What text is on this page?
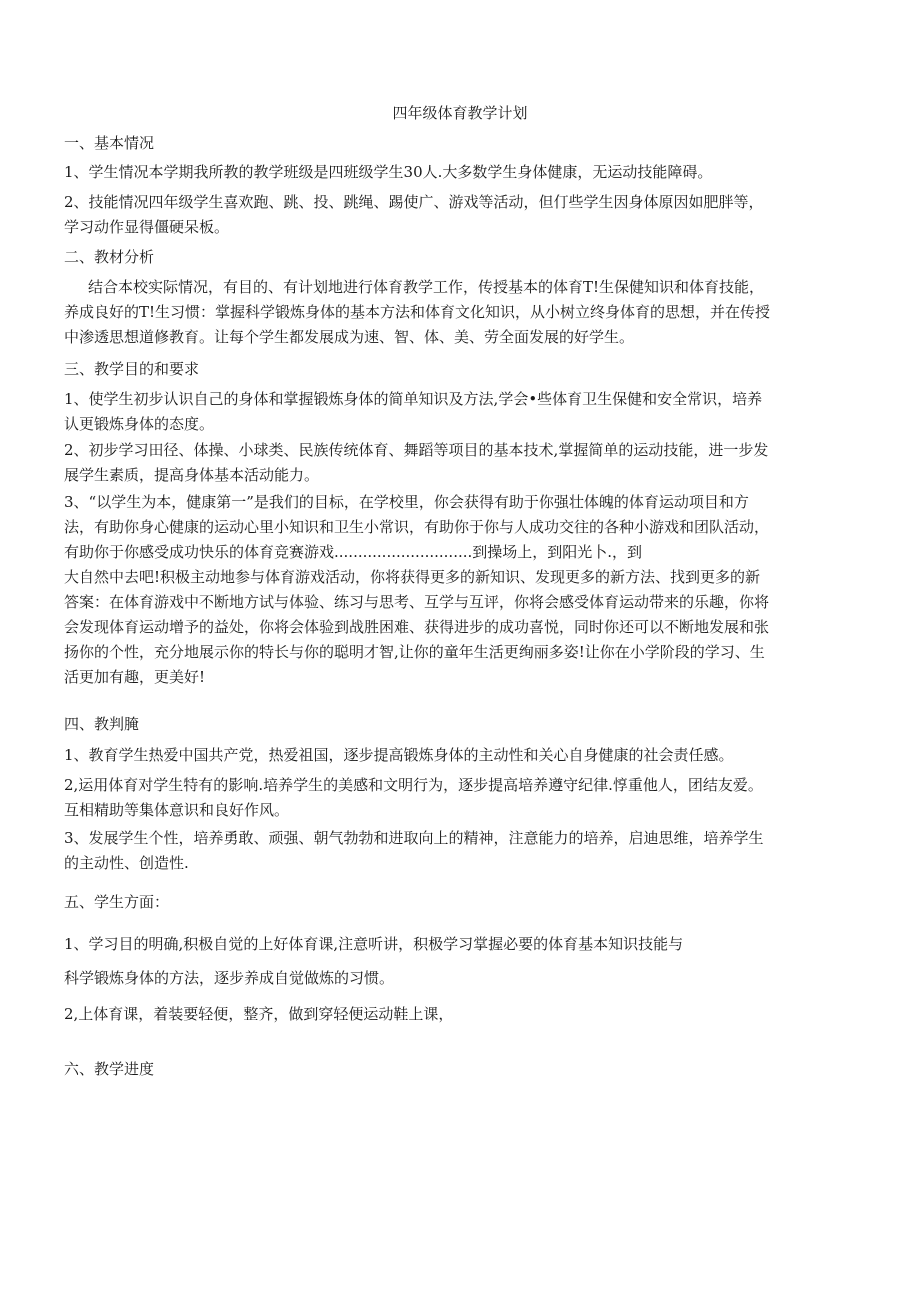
四年级体育教学计划
一、基本情况
1、学生情况本学期我所教的教学班级是四班级学生30人.大多数学生身体健康，无运动技能障碍。
2、技能情况四年级学生喜欢跑、跳、投、跳绳、踢使广、游戏等活动，但仃些学生因身体原因如肥胖等，
学习动作显得僵硬呆板。
二、教材分析
结合本校实际情况，有目的、有计划地进行体育教学工作，传授基本的体育T!生保健知识和体育技能，
养成良好的T!生习惯：掌握科学锻炼身体的基本方法和体育文化知识，从小树立终身体育的思想，并在传授
中渗透思想道修教育。让每个学生都发展成为速、智、体、美、劳全面发展的好学生。
三、教学目的和要求
1、使学生初步认识自己的身体和掌握锻炼身体的简单知识及方法,学会•些体育卫生保健和安全常识，培养
认更锻炼身体的态度。
2、初步学习田径、体操、小球类、民族传统体育、舞蹈等项目的基本技术,掌握简单的运动技能，进一步发
展学生素质，提高身体基本活动能力。
3、“以学生为本，健康第一”是我们的目标，在学校里，你会获得有助于你强壮体魄的体育运动项目和方
法，有助你身心健康的运动心里小知识和卫生小常识，有助你于你与人成功交往的各种小游戏和团队活动，
有助你于你感受成功快乐的体育竞赛游戏.............................到操场上，到阳光卜.，到
大自然中去吧!积极主动地参与体育游戏活动，你将获得更多的新知识、发现更多的新方法、找到更多的新
答案：在体育游戏中不断地方试与体验、练习与思考、互学与互评，你将会感受体育运动带来的乐趣，你将
会发现体育运动增予的益处，你将会体验到战胜困难、获得进步的成功喜悦，同时你还可以不断地发展和张
扬你的个性，充分地展示你的特长与你的聪明才智,让你的童年生活更绚丽多姿!让你在小学阶段的学习、生
活更加有趣，更美好!
四、教判腌
1、教育学生热爱中国共产党，热爱祖国，逐步提高锻炼身体的主动性和关心自身健康的社会责任感。
2,运用体育对学生特有的影响.培养学生的美感和文明行为，逐步提高培养遵守纪律.惇重他人，团结友爱。
互相精助等集体意识和良好作风。
3、发展学生个性，培养勇敢、顽强、朝气勃勃和进取向上的精神，注意能力的培养，启迪思维，培养学生
的主动性、创造性.
五、学生方面：
1、学习目的明确,积极自觉的上好体育课,注意听讲，积极学习掌握必要的体育基本知识技能与
科学锻炼身体的方法，逐步养成自觉做炼的习惯。
2,上体育课，着装要轻便，整齐，做到穿轻便运动鞋上课，
六、教学进度
